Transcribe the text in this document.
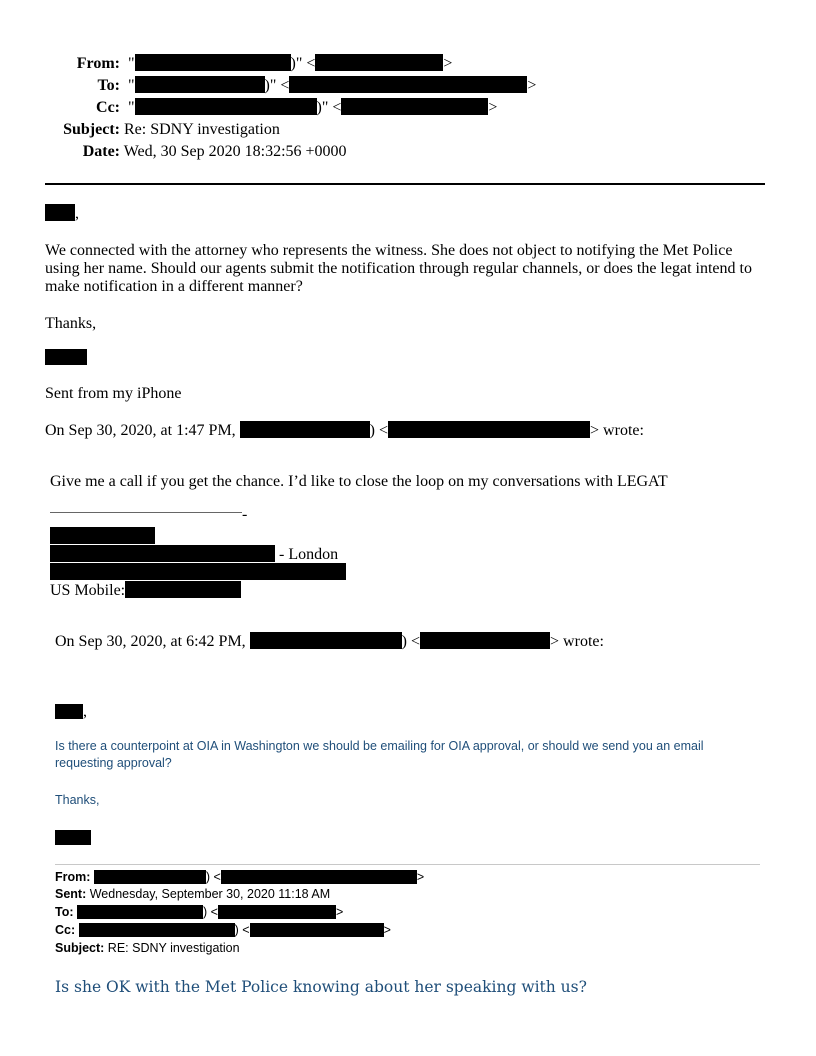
From:  "	)" <	>
To:  "	)" <	>
Cc:  "	)" <	>
Subject: Re: SDNY investigation
Date: Wed, 30 Sep 2020 18:32:56 +0000
,
We connected with the attorney who represents the witness. She does not object to notifying the Met Police using her name. Should our agents submit the notification through regular channels, or does the legat intend to make notification in a different manner?
Thanks,
Sent from my iPhone
On Sep 30, 2020, at 1:47 PM,	) <	> wrote:
Give me a call if you get the chance. I’d like to close the loop on my conversations with LEGAT
-
- London
US Mobile:
On Sep 30, 2020, at 6:42 PM,	) <	> wrote:
,
Is there a counterpoint at OIA in Washington we should be emailing for OIA approval, or should we send you an email requesting approval?
Thanks,
From:	) <	>
Sent: Wednesday, September 30, 2020 11:18 AM
To:	) <	>
Cc:	) <	>
Subject: RE: SDNY investigation
Is she OK with the Met Police knowing about her speaking with us?
